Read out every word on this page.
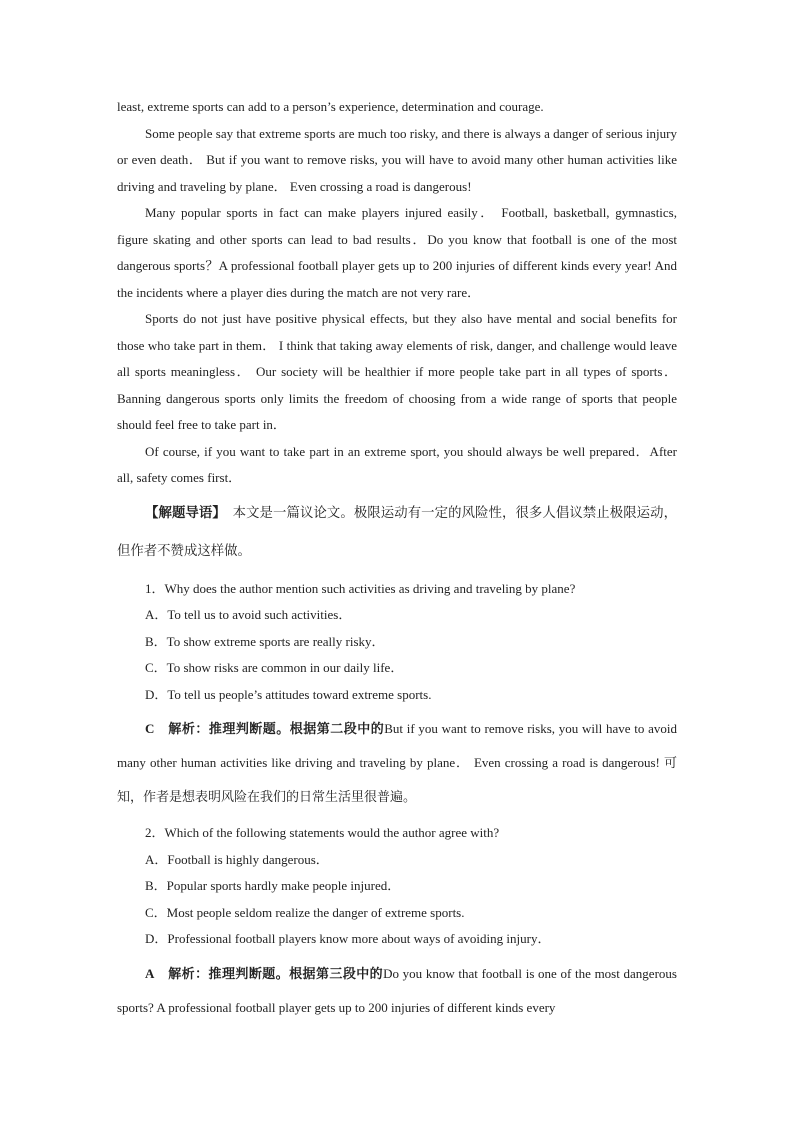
least, extreme sports can add to a person’s experience, determination and courage.

Some people say that extreme sports are much too risky, and there is always a danger of serious injury or even death． But if you want to remove risks, you will have to avoid many other human activities like driving and traveling by plane． Even crossing a road is dangerous!

Many popular sports in fact can make players injured easily． Football, basketball, gymnastics, figure skating and other sports can lead to bad results．Do you know that football is one of the most dangerous sports？A professional football player gets up to 200 injuries of different kinds every year! And the incidents where a player dies during the match are not very rare．

Sports do not just have positive physical effects, but they also have mental and social benefits for those who take part in them． I think that taking away elements of risk, danger, and challenge would leave all sports meaningless． Our society will be healthier if more people take part in all types of sports．Banning dangerous sports only limits the freedom of choosing from a wide range of sports that people should feel free to take part in．

Of course, if you want to take part in an extreme sport, you should always be well prepared．After all, safety comes first．

【解题导语】　 本文是一篇议论文。极限运动有一定的风险性，很多人倡议禁止极限运动，但作者不赞成这样做。

1．Why does the author mention such activities as driving and traveling by plane?

A．To tell us to avoid such activities．

B．To show extreme sports are really risky．

C．To show risks are common in our daily life．

D．To tell us people’s attitudes toward extreme sports.

C　 解析：推理判断题。根据第二段中的But if you want to remove risks, you will have to avoid many other human activities like driving and traveling by plane． Even crossing a road is dangerous! 可知，作者是想表明风险在我们的日常生活里很普遍。

2．Which of the following statements would the author agree with?

A．Football is highly dangerous．

B．Popular sports hardly make people injured．

C．Most people seldom realize the danger of extreme sports.

D．Professional football players know more about ways of avoiding injury．

A　 解析：推理判断题。根据第三段中的Do you know that football is one of the most dangerous sports? A professional football player gets up to 200 injuries of different kinds every
